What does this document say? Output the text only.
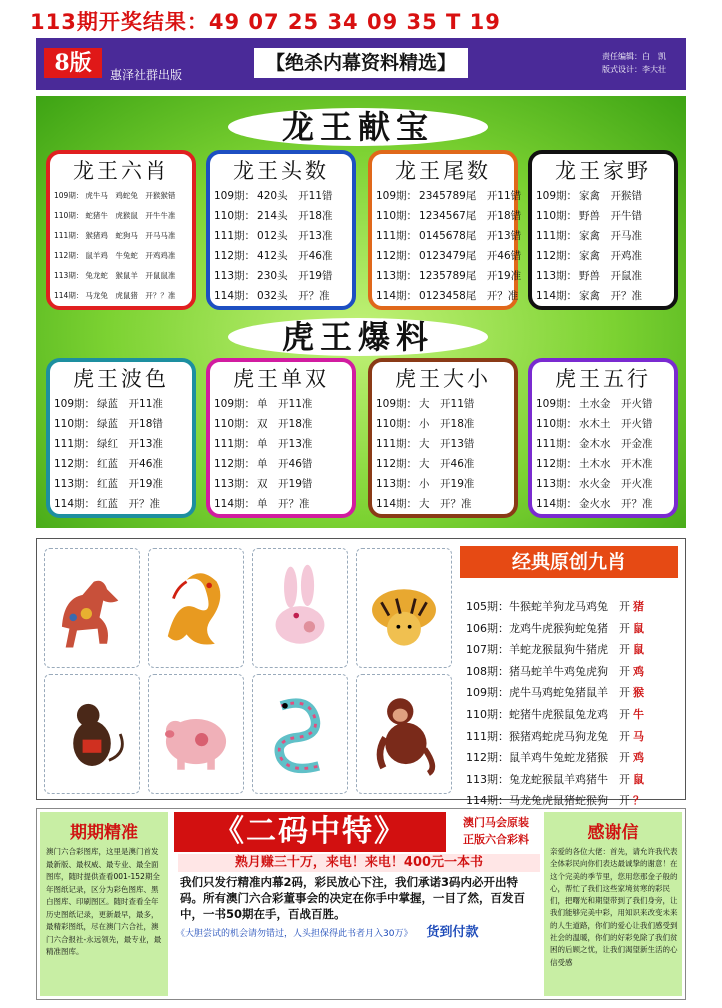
113期开奖结果：49 07 25 34 09 35 T 19
8版	惠泽社群出版
【绝杀内幕资料精选】	责任编辑：白　凯
版式设计：李大壮
龙王献宝
虎王爆料
龙王六肖
109期： 虎牛马　鸡蛇兔　开猴猴错
110期： 蛇猪牛　虎猴鼠　开牛牛准
111期： 猴猪鸡　蛇狗马　开马马准
112期： 鼠羊鸡　牛兔蛇　开鸡鸡准
113期： 兔龙蛇　猴鼠羊　开鼠鼠准
114期： 马龙兔　虎鼠猪　开？？准
龙王头数
109期： 420头　开11错
110期： 214头　开18准
111期： 012头　开13准
112期： 412头　开46准
113期： 230头　开19错
114期： 032头　开？准
龙王尾数
109期： 2345789尾　开11错
110期： 1234567尾　开18错
111期： 0145678尾　开13错
112期： 0123479尾　开46错
113期： 1235789尾　开19准
114期： 0123458尾　开？准
龙王家野
109期： 家禽　开猴错
110期： 野兽　开牛错
111期： 家禽　开马准
112期： 家禽　开鸡准
113期： 野兽　开鼠准
114期： 家禽　开？准
虎王波色
109期： 绿蓝　开11准
110期： 绿蓝　开18错
111期： 绿红　开13准
112期： 红蓝　开46准
113期： 红蓝　开19准
114期： 红蓝　开？准
虎王单双
109期： 单　开11准
110期： 双　开18准
111期： 单　开13准
112期： 单　开46错
113期： 双　开19错
114期： 单　开？准
虎王大小
109期： 大　开11错
110期： 小　开18准
111期： 大　开13错
112期： 大　开46准
113期： 小　开19准
114期： 大　开？准
虎王五行
109期： 土水金　开火错
110期： 水木土　开火错
111期： 金木水　开金准
112期： 土木水　开木准
113期： 水火金　开火准
114期： 金火水　开？准
经典原创九肖
105期：牛猴蛇羊狗龙马鸡兔　开 猪
106期：龙鸡牛虎猴狗蛇兔猪　开 鼠
107期：羊蛇龙猴鼠狗牛猪虎　开 鼠
108期：猪马蛇羊牛鸡兔虎狗　开 鸡
109期：虎牛马鸡蛇兔猪鼠羊　开 猴
110期：蛇猪牛虎猴鼠兔龙鸡　开 牛
111期：猴猪鸡蛇虎马狗龙兔　开 马
112期：鼠羊鸡牛兔蛇龙猪猴　开 鸡
113期：兔龙蛇猴鼠羊鸡猪牛　开 鼠
114期：马龙兔虎鼠猪蛇猴狗　开 ？
期期精准
澳门六合彩图库，这里是澳门首发最新版、最权威、最专业、最全面图库，随时提供查看001-152期全年图纸记录，区分为彩色图库、黑白图库、印刷图区。随时查看全年历史图纸记录，更新最早，最多，最精彩图纸，尽在澳门六合社，澳门六合报社-永远领先，最专业，最精准图库。
《二码中特》	澳门马会原装
正版六合彩料
熟月赚三十万，来电！来电！400元一本书
我们只发行精准内幕2码，彩民放心下注，我们承诺3码内必开出特码。所有澳门六合彩董事会的决定在你手中掌握，一目了然，百发百中，一书50期在手，百战百胜。
《大胆尝试的机会请勿错过，人头担保得此书者月入30万》 货到付款
感谢信
亲爱的各位大佬：首先，请允许我代表全体彩民向你们表达最诚挚的谢意！在这个完美的季节里，您用您那金子般的心，帮忙了我们这些家境贫寒的彩民们，把曙光和期望带到了我们身旁，让我们能够完美中彩，用知识来改变未来的人生道路，你们的爱心让我们感受到社会的温暖，你们的好彩免除了我们贫困的后顾之忧，让我们渴望新生活的心信受感
